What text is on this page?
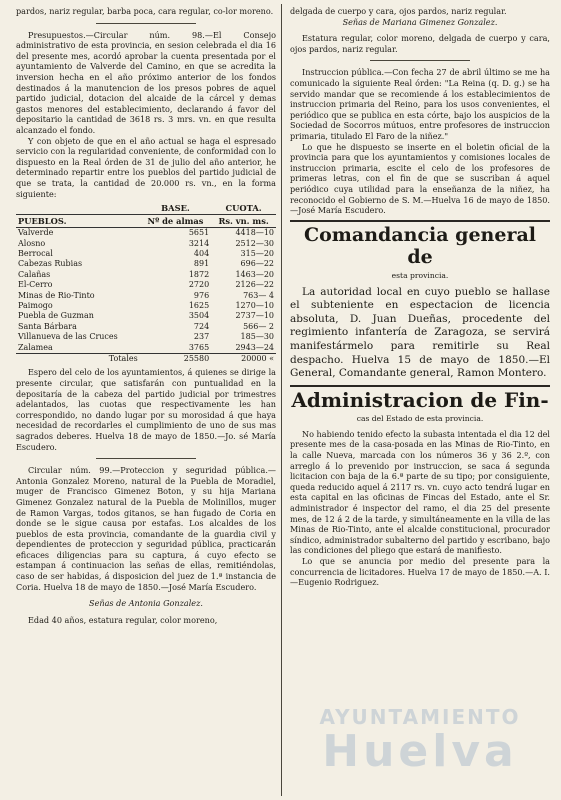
pardos, nariz regular, barba poca, cara regular, co-lor moreno.

Presupuestos.—Circular núm. 98.—El Consejo administrativo de esta provincia, en sesion celebrada el dia 16 del presente mes, acordó aprobar la cuenta presentada por el ayuntamiento de Valverde del Camino, en que se acredita la inversion hecha en el año próximo anterior de los fondos destinados á la manutencion de los presos pobres de aquel partido judicial, dotacion del alcaide de la cárcel y demas gastos menores del establecimiento, declarando á favor del depositario la cantidad de 3618 rs. 3 mrs. vn. en que resulta alcanzado el fondo.

Y con objeto de que en el año actual se haga el espresado servicio con la regularidad conveniente, de conformidad con lo dispuesto en la Real órden de 31 de julio del año anterior, he determinado repartir entre los pueblos del partido judicial de que se trata, la cantidad de 20.000 rs. vn., en la forma siguiente:

	BASE.	CUOTA.
PUEBLOS.	Nº de almas	Rs. vn. ms.
Valverde	5651	4418—10
Alosno	3214	2512—30
Berrocal	404	315—20
Cabezas Rubias	891	696—22
Calañas	1872	1463—20
El-Cerro	2720	2126—22
Minas de Rio-Tinto	976	763— 4
Paimogo	1625	1270—10
Puebla de Guzman	3504	2737—10
Santa Bárbara	724	566— 2
Villanueva de las Cruces	237	185—30
Zalamea	3765	2943—24
Totales	25580	20000 «

Espero del celo de los ayuntamientos, á quienes se dirige la presente circular, que satisfarán con puntualidad en la depositaría de la cabeza del partido judicial por trimestres adelantados, las cuotas que respectivamente les han correspondido, no dando lugar por su morosidad á que haya necesidad de recordarles el cumplimiento de uno de sus mas sagrados deberes. Huelva 18 de mayo de 1850.—Jo. sé María Escudero.

Circular núm. 99.—Proteccion y seguridad pública.—Antonia Gonzalez Moreno, natural de la Puebla de Moradiel, muger de Francisco Gimenez Boton, y su hija Mariana Gimenez Gonzalez natural de la Puebla de Molinillos, muger de Ramon Vargas, todos gitanos, se han fugado de Coria en donde se le sigue causa por estafas. Los alcaldes de los pueblos de esta provincia, comandante de la guardia civil y dependientes de proteccion y seguridad pública, practicarán eficaces diligencias para su captura, á cuyo efecto se estampan á continuacion las señas de ellas, remitiéndolas, caso de ser habidas, á disposicion del juez de 1.ª instancia de Coria. Huelva 18 de mayo de 1850.—José María Escudero.

Señas de Antonia Gonzalez.

Edad 40 años, estatura regular, color moreno,

delgada de cuerpo y cara, ojos pardos, nariz regular.

Señas de Mariana Gimenez Gonzalez.

Estatura regular, color moreno, delgada de cuerpo y cara, ojos pardos, nariz regular.

Instruccion pública.—Con fecha 27 de abril último se me ha comunicado la siguiente Real órden: "La Reina (q. D. g.) se ha servido mandar que se recomiende á los establecimientos de instruccion primaria del Reino, para los usos convenientes, el periódico que se publica en esta córte, bajo los auspicios de la Sociedad de Socorros mútuos, entre profesores de instruccion primaria, titulado El Faro de la niñez."

Lo que he dispuesto se inserte en el boletin oficial de la provincia para que los ayuntamientos y comisiones locales de instruccion primaria, escite el celo de los profesores de primeras letras, con el fin de que se suscriban á aquel periódico cuya utilidad para la enseñanza de la niñez, ha reconocido el Gobierno de S. M.—Huelva 16 de mayo de 1850.—José María Escudero.

Comandancia general de
esta provincia.

La autoridad local en cuyo pueblo se hallase el subteniente en espectacion de licencia absoluta, D. Juan Dueñas, procedente del regimiento infantería de Zaragoza, se servirá manifestármelo para remitirle su Real despacho. Huelva 15 de mayo de 1850.—El General, Comandante general, Ramon Montero.

Administracion de Fin-
cas del Estado de esta provincia.

No habiendo tenido efecto la subasta intentada el dia 12 del presente mes de la casa-posada en las Minas de Rio-Tinto, en la calle Nueva, marcada con los números 36 y 36 2.º, con arreglo á lo prevenido por instruccion, se saca á segunda licitacion con baja de la 6.ª parte de su tipo; por consiguiente, queda reducido aquel á 2117 rs. vn. cuyo acto tendrá lugar en esta capital en las oficinas de Fincas del Estado, ante el Sr. administrador é inspector del ramo, el dia 25 del presente mes, de 12 á 2 de la tarde, y simultáneamente en la villa de las Minas de Rio-Tinto, ante el alcalde constitucional, procurador síndico, administrador subalterno del partido y escribano, bajo las condiciones del pliego que estará de manifiesto.

Lo que se anuncia por medio del presente para la concurrencia de licitadores. Huelva 17 de mayo de 1850.—A. I.—Eugenio Rodriguez.

AYUNTAMIENTO
Huelva
